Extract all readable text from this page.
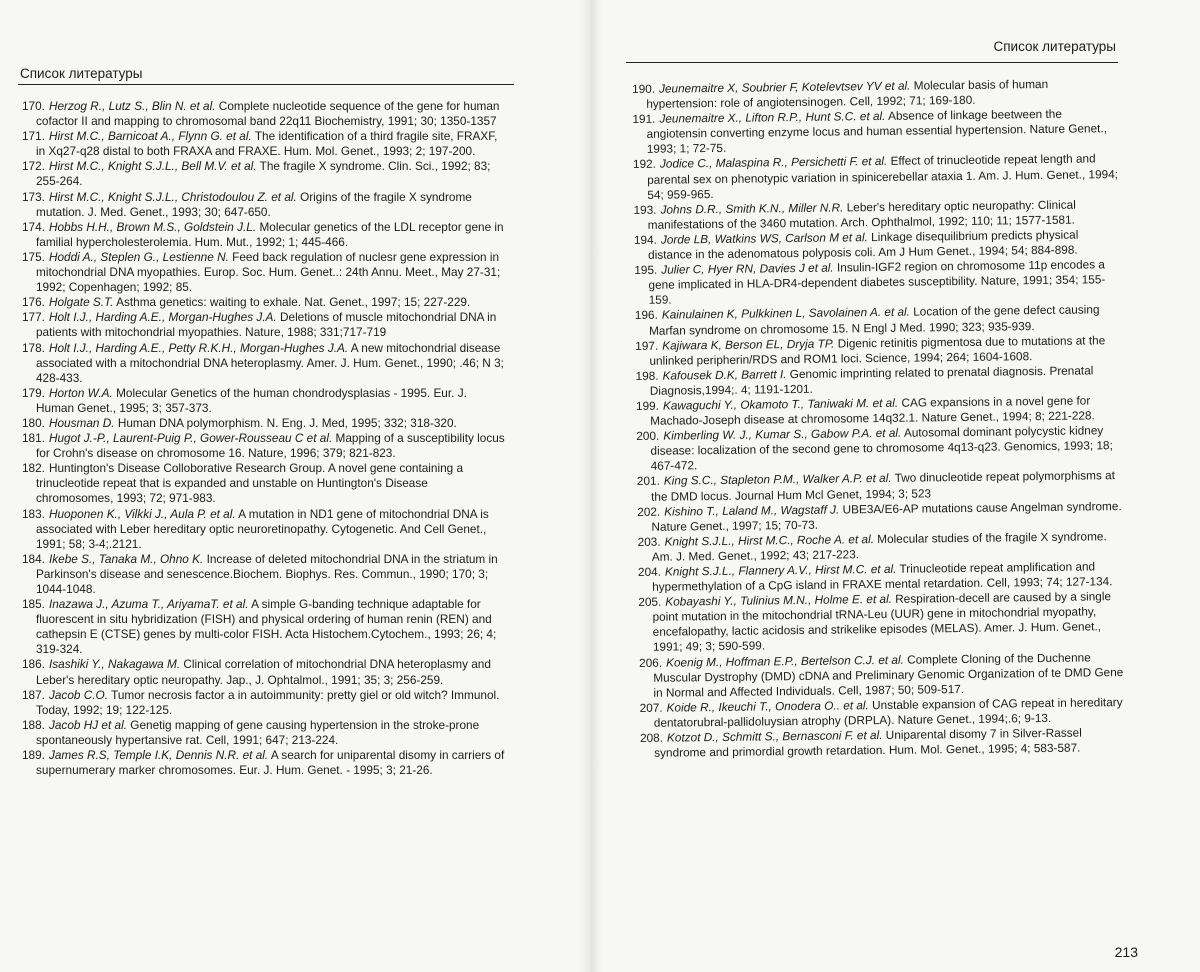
Список литературы
170. Herzog R., Lutz S., Blin N. et al. Complete nucleotide sequence of the gene for human cofactor II and mapping to chromosomal band 22q11 Biochemistry, 1991; 30; 1350-1357
171. Hirst M.C., Barnicoat A., Flynn G. et al. The identification of a third fragile site, FRAXF, in Xq27-q28 distal to both FRAXA and FRAXE. Hum. Mol. Genet., 1993; 2; 197-200.
172. Hirst M.C., Knight S.J.L., Bell M.V. et al. The fragile X syndrome. Clin. Sci., 1992; 83; 255-264.
173. Hirst M.C., Knight S.J.L., Christodoulou Z. et al. Origins of the fragile X syndrome mutation. J. Med. Genet., 1993; 30; 647-650.
174. Hobbs H.H., Brown M.S., Goldstein J.L. Molecular genetics of the LDL receptor gene in familial hypercholesterolemia. Hum. Mut., 1992; 1; 445-466.
175. Hoddi A., Steplen G., Lestienne N. Feed back regulation of nuclesr gene expression in mitochondrial DNA myopathies. Europ. Soc. Hum. Genet..: 24th Annu. Meet., May 27-31; 1992; Copenhagen; 1992; 85.
176. Holgate S.T. Asthma genetics: waiting to exhale. Nat. Genet., 1997; 15; 227-229.
177. Holt I.J., Harding A.E., Morgan-Hughes J.A. Deletions of muscle mitochondrial DNA in patients with mitochondrial myopathies. Nature, 1988; 331;717-719
178. Holt I.J., Harding A.E., Petty R.K.H., Morgan-Hughes J.A. A new mitochondrial disease associated with a mitochondrial DNA heteroplasmy. Amer. J. Hum. Genet., 1990; .46; N 3; 428-433.
179. Horton W.A. Molecular Genetics of the human chondrodysplasias - 1995. Eur. J. Human Genet., 1995; 3; 357-373.
180. Housman D. Human DNA polymorphism. N. Eng. J. Med, 1995; 332; 318-320.
181. Hugot J.-P., Laurent-Puig P., Gower-Rousseau C et al. Mapping of a susceptibility locus for Crohn's disease on chromosome 16. Nature, 1996; 379; 821-823.
182. Huntington's Disease Colloborative Research Group. A novel gene containing a trinucleotide repeat that is expanded and unstable on Huntington's Disease chromosomes, 1993; 72; 971-983.
183. Huoponen K., Vilkki J., Aula P. et al. A mutation in ND1 gene of mitochondrial DNA is associated with Leber hereditary optic neuroretinopathy. Cytogenetic. And Cell Genet., 1991; 58; 3-4;.2121.
184. Ikebe S., Tanaka M., Ohno K. Increase of deleted mitochondrial DNA in the striatum in Parkinson's disease and senescence.Biochem. Biophys. Res. Commun., 1990; 170; 3; 1044-1048.
185. Inazawa J., Azuma T., AriyamaT. et al. A simple G-banding technique adaptable for fluorescent in situ hybridization (FISH) and physical ordering of human renin (REN) and cathepsin E (CTSE) genes by multi-color FISH. Acta Histochem.Cytochem., 1993; 26; 4; 319-324.
186. Isashiki Y., Nakagawa M. Clinical correlation of mitochondrial DNA heteroplasmy and Leber's hereditary optic neuropathy. Jap., J. Ophtalmol., 1991; 35; 3; 256-259.
187. Jacob C.O. Tumor necrosis factor a in autoimmunity: pretty giel or old witch? Immunol. Today, 1992; 19; 122-125.
188. Jacob HJ et al. Genetig mapping of gene causing hypertension in the stroke-prone spontaneously hypertansive rat. Cell, 1991; 647; 213-224.
189. James R.S, Temple I.K, Dennis N.R. et al. A search for uniparental disomy in carriers of supernumerary marker chromosomes. Eur. J. Hum. Genet. - 1995; 3; 21-26.
Список литературы
190. Jeunemaitre X, Soubrier F, Kotelevtsev YV et al. Molecular basis of human hypertension: role of angiotensinogen. Cell, 1992; 71; 169-180.
191. Jeunemaitre X., Lifton R.P., Hunt S.C. et al. Absence of linkage beetween the angiotensin converting enzyme locus and human essential hypertension. Nature Genet., 1993; 1; 72-75.
192. Jodice C., Malaspina R., Persichetti F. et al. Effect of trinucleotide repeat length and parental sex on phenotypic variation in spinicerebellar ataxia 1. Am. J. Hum. Genet., 1994; 54; 959-965.
193. Johns D.R., Smith K.N., Miller N.R. Leber's hereditary optic neuropathy: Clinical manifestations of the 3460 mutation. Arch. Ophthalmol, 1992; 110; 11; 1577-1581.
194. Jorde LB, Watkins WS, Carlson M et al. Linkage disequilibrium predicts physical distance in the adenomatous polyposis coli. Am J Hum Genet., 1994; 54; 884-898.
195. Julier C, Hyer RN, Davies J et al. Insulin-IGF2 region on chromosome 11p encodes a gene implicated in HLA-DR4-dependent diabetes susceptibility. Nature, 1991; 354; 155-159.
196. Kainulainen K, Pulkkinen L, Savolainen A. et al. Location of the gene defect causing Marfan syndrome on chromosome 15. N Engl J Med. 1990; 323; 935-939.
197. Kajiwara K, Berson EL, Dryja TP. Digenic retinitis pigmentosa due to mutations at the unlinked peripherin/RDS and ROM1 loci. Science, 1994; 264; 1604-1608.
198. Kafousek D.K, Barrett I. Genomic imprinting related to prenatal diagnosis. Prenatal Diagnosis,1994;. 4; 1191-1201.
199. Kawaguchi Y., Okamoto T., Taniwaki M. et al. CAG expansions in a novel gene for Machado-Joseph disease at chromosome 14q32.1. Nature Genet., 1994; 8; 221-228.
200. Kimberling W. J., Kumar S., Gabow P.A. et al. Autosomal dominant polycystic kidney disease: localization of the second gene to chromosome 4q13-q23. Genomics, 1993; 18; 467-472.
201. King S.C., Stapleton P.M., Walker A.P. et al. Two dinucleotide repeat polymorphisms at the DMD locus. Journal Hum Mcl Genet, 1994; 3; 523
202. Kishino T., Laland M., Wagstaff J. UBE3A/E6-AP mutations cause Angelman syndrome. Nature Genet., 1997; 15; 70-73.
203. Knight S.J.L., Hirst M.C., Roche A. et al. Molecular studies of the fragile X syndrome. Am. J. Med. Genet., 1992; 43; 217-223.
204. Knight S.J.L., Flannery A.V., Hirst M.C. et al. Trinucleotide repeat amplification and hypermethylation of a CpG island in FRAXE mental retardation. Cell, 1993; 74; 127-134.
205. Kobayashi Y., Tulinius M.N., Holme E. et al. Respiration-decell are caused by a single point mutation in the mitochondrial tRNA-Leu (UUR) gene in mitochondrial myopathy, encefalopathy, lactic acidosis and strikelike episodes (MELAS). Amer. J. Hum. Genet., 1991; 49; 3; 590-599.
206. Koenig M., Hoffman E.P., Bertelson C.J. et al. Complete Cloning of the Duchenne Muscular Dystrophy (DMD) cDNA and Preliminary Genomic Organization of te DMD Gene in Normal and Affected Individuals. Cell, 1987; 50; 509-517.
207. Koide R., Ikeuchi T., Onodera O.. et al. Unstable expansion of CAG repeat in hereditary dentatorubral-pallidoluysian atrophy (DRPLA). Nature Genet., 1994;.6; 9-13.
208. Kotzot D., Schmitt S., Bernasconi F. et al. Uniparental disomy 7 in Silver-Rassel syndrome and primordial growth retardation. Hum. Mol. Genet., 1995; 4; 583-587.
213
